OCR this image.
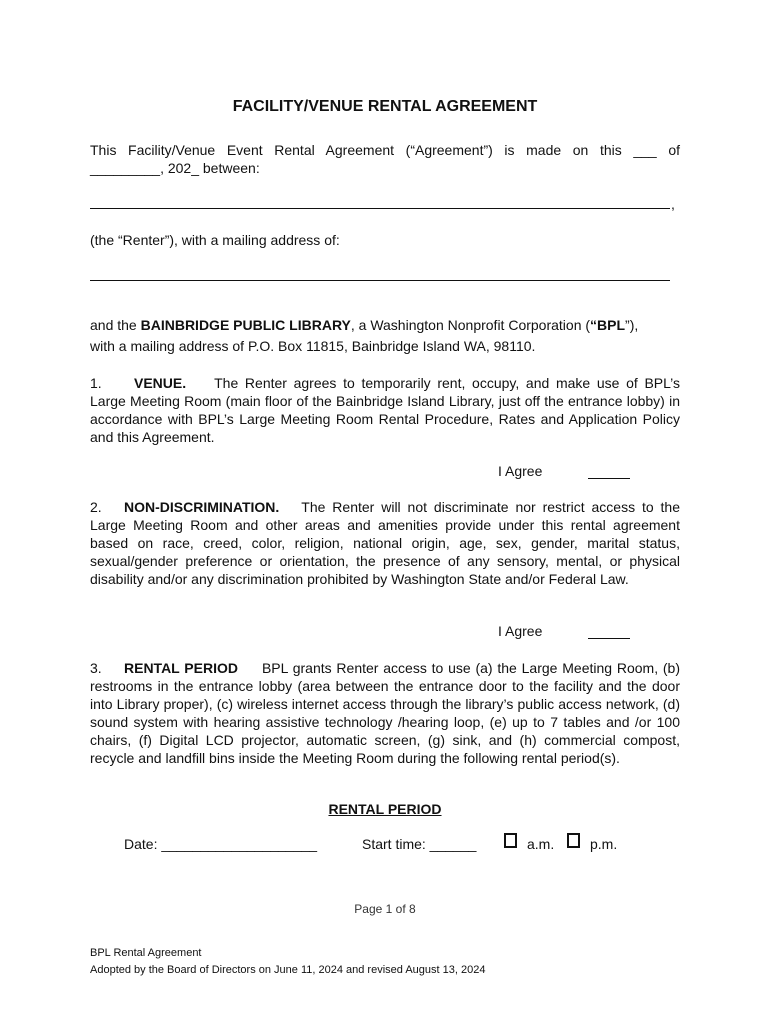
FACILITY/VENUE RENTAL AGREEMENT
This Facility/Venue Event Rental Agreement (“Agreement”) is made on this ___ of
_________, 202_ between:
,
(the “Renter”), with a mailing address of:
and the BAINBRIDGE PUBLIC LIBRARY, a Washington Nonprofit Corporation (“BPL”),
with a mailing address of P.O. Box 11815, Bainbridge Island WA, 98110.
1. VENUE. The Renter agrees to temporarily rent, occupy, and make use of BPL’s Large Meeting Room (main floor of the Bainbridge Island Library, just off the entrance lobby) in accordance with BPL’s Large Meeting Room Rental Procedure, Rates and Application Policy and this Agreement.
I Agree
2. NON-DISCRIMINATION. The Renter will not discriminate nor restrict access to the Large Meeting Room and other areas and amenities provide under this rental agreement based on race, creed, color, religion, national origin, age, sex, gender, marital status, sexual/gender preference or orientation, the presence of any sensory, mental, or physical disability and/or any discrimination prohibited by Washington State and/or Federal Law.
I Agree
3. RENTAL PERIOD BPL grants Renter access to use (a) the Large Meeting Room, (b) restrooms in the entrance lobby (area between the entrance door to the facility and the door into Library proper), (c) wireless internet access through the library’s public access network, (d) sound system with hearing assistive technology /hearing loop, (e) up to 7 tables and /or 100 chairs, (f) Digital LCD projector, automatic screen, (g) sink, and (h) commercial compost, recycle and landfill bins inside the Meeting Room during the following rental period(s).
RENTAL PERIOD
Date: ____________________	Start time: ______	a.m.	p.m.
Page 1 of 8
BPL Rental Agreement
Adopted by the Board of Directors on June 11, 2024 and revised August 13, 2024
